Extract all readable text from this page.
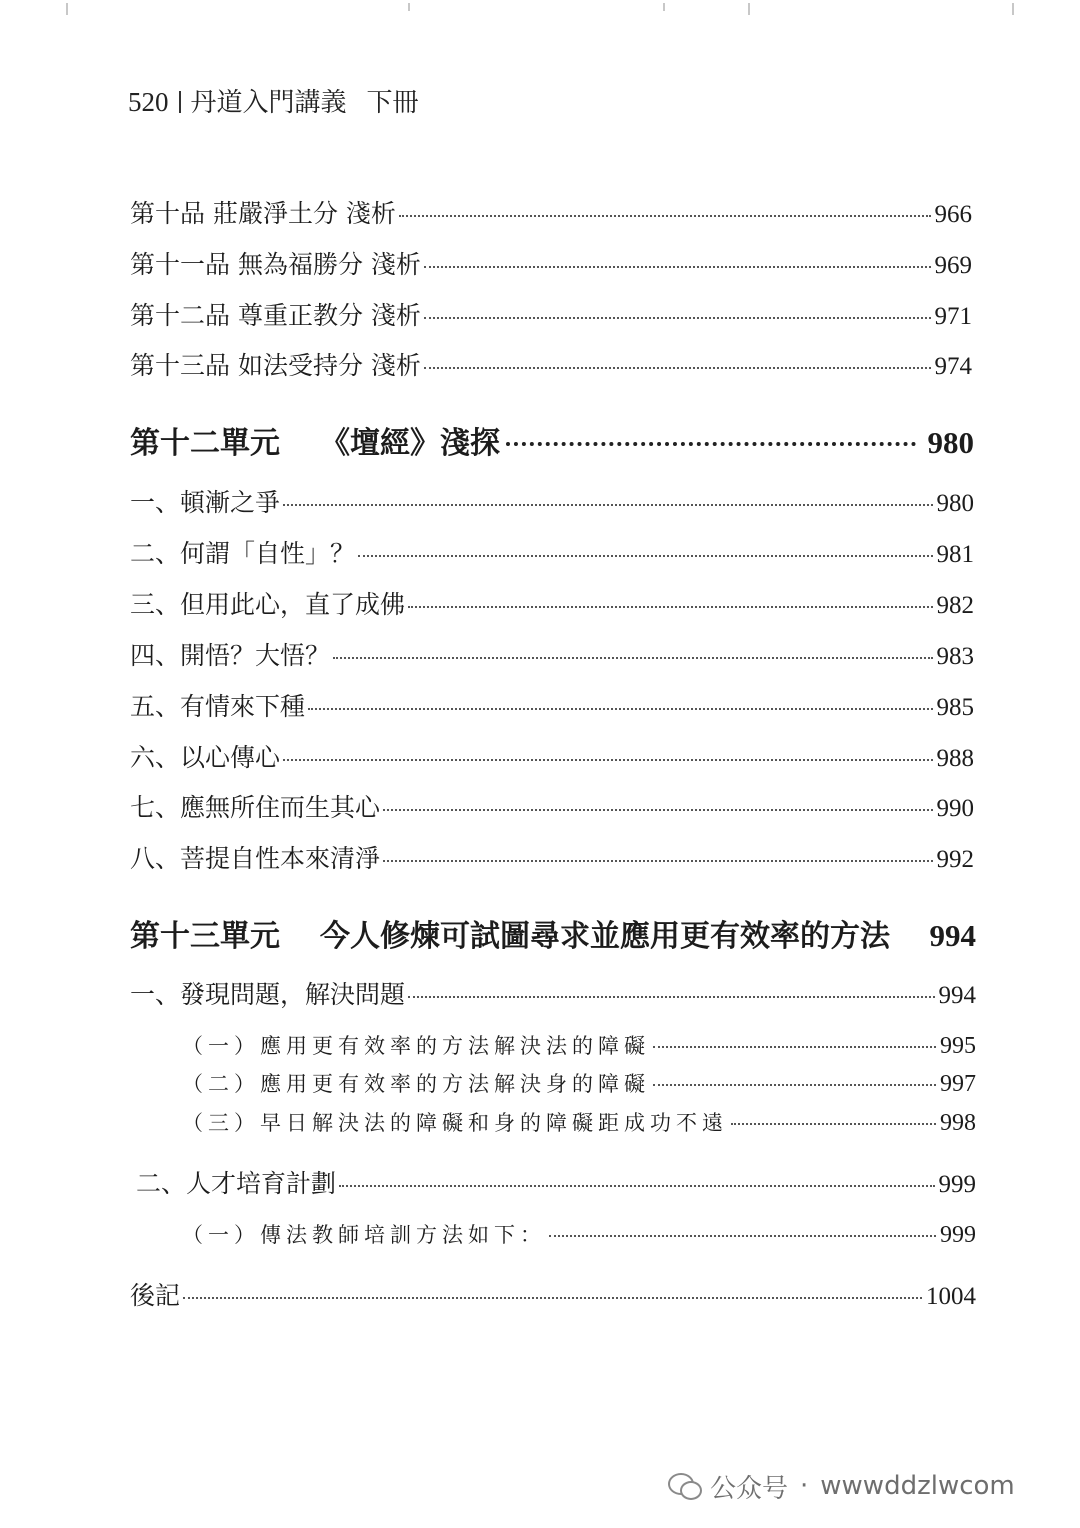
520 丹道入門講義 下冊
第十品 莊嚴淨土分 淺析	966
第十一品 無為福勝分 淺析	969
第十二品 尊重正教分 淺析	971
第十三品 如法受持分 淺析	974
第十二單元 《壇經》淺探	980
一、頓漸之爭	980
二、何謂「自性」？	981
三、但用此心，直了成佛	982
四、開悟？大悟？	983
五、有情來下種	985
六、以心傳心	988
七、應無所住而生其心	990
八、菩提自性本來清淨	992
第十三單元 今人修煉可試圖尋求並應用更有效率的方法 994
一、發現問題，解決問題	994
（一）應用更有效率的方法解決法的障礙	995
（二）應用更有效率的方法解決身的障礙	997
（三）早日解決法的障礙和身的障礙距成功不遠	998
二、人才培育計劃	999
（一）傳法教師培訓方法如下：	999
後記	1004
公众号 · wwwddzlwcom
